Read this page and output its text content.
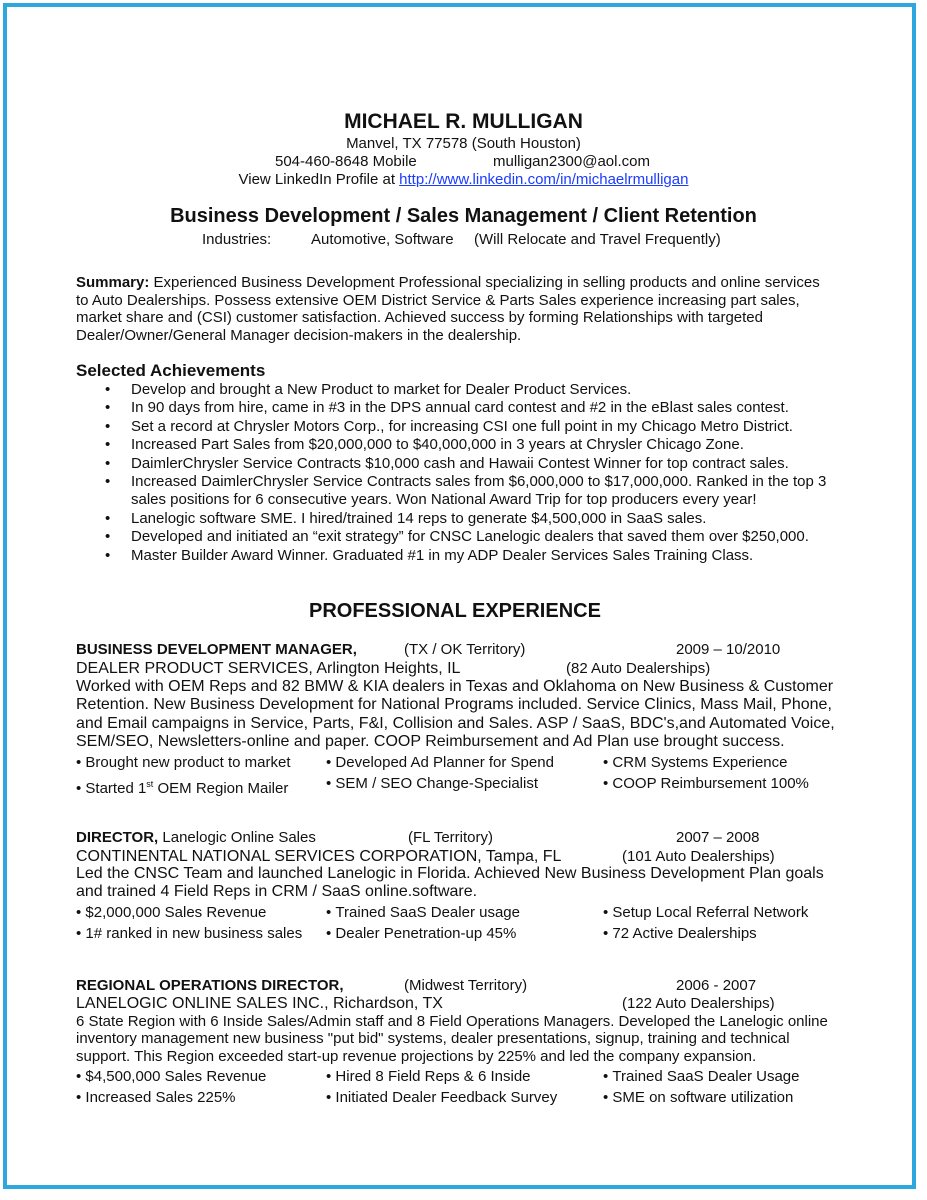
MICHAEL R. MULLIGAN
Manvel, TX 77578 (South Houston)
504-460-8648 Mobile	mulligan2300@aol.com
View LinkedIn Profile at http://www.linkedin.com/in/michaelrmulligan
Business Development / Sales Management / Client Retention
Industries:	Automotive, Software (Will Relocate and Travel Frequently)
Summary: Experienced Business Development Professional specializing in selling products and online services
to Auto Dealerships. Possess extensive OEM District Service & Parts Sales experience increasing part sales,
market share and (CSI) customer satisfaction. Achieved success by forming Relationships with targeted
Dealer/Owner/General Manager decision-makers in the dealership.
Selected Achievements
• Develop and brought a New Product to market for Dealer Product Services.
• In 90 days from hire, came in #3 in the DPS annual card contest and #2 in the eBlast sales contest.
• Set a record at Chrysler Motors Corp., for increasing CSI one full point in my Chicago Metro District.
• Increased Part Sales from $20,000,000 to $40,000,000 in 3 years at Chrysler Chicago Zone.
• DaimlerChrysler Service Contracts $10,000 cash and Hawaii Contest Winner for top contract sales.
• Increased DaimlerChrysler Service Contracts sales from $6,000,000 to $17,000,000. Ranked in the top 3
sales positions for 6 consecutive years. Won National Award Trip for top producers every year!
• Lanelogic software SME. I hired/trained 14 reps to generate $4,500,000 in SaaS sales.
• Developed and initiated an “exit strategy” for CNSC Lanelogic dealers that saved them over $250,000.
• Master Builder Award Winner. Graduated #1 in my ADP Dealer Services Sales Training Class.
PROFESSIONAL EXPERIENCE
BUSINESS DEVELOPMENT MANAGER,	(TX / OK Territory)	2009 – 10/2010
DEALER PRODUCT SERVICES, Arlington Heights, IL	(82 Auto Dealerships)
Worked with OEM Reps and 82 BMW & KIA dealers in Texas and Oklahoma on New Business & Customer
Retention. New Business Development for National Programs included. Service Clinics, Mass Mail, Phone,
and Email campaigns in Service, Parts, F&I, Collision and Sales. ASP / SaaS, BDC's,and Automated Voice,
SEM/SEO, Newsletters-online and paper. COOP Reimbursement and Ad Plan use brought success.
• Brought new product to market	• Developed Ad Planner for Spend	• CRM Systems Experience
• Started 1st OEM Region Mailer	• SEM / SEO Change-Specialist	• COOP Reimbursement 100%
DIRECTOR, Lanelogic Online Sales	(FL Territory)	2007 – 2008
CONTINENTAL NATIONAL SERVICES CORPORATION, Tampa, FL	(101 Auto Dealerships)
Led the CNSC Team and launched Lanelogic in Florida. Achieved New Business Development Plan goals
and trained 4 Field Reps in CRM / SaaS online.software.
• $2,000,000 Sales Revenue	• Trained SaaS Dealer usage	• Setup Local Referral Network
• 1# ranked in new business sales	• Dealer Penetration-up 45%	• 72 Active Dealerships
REGIONAL OPERATIONS DIRECTOR,	(Midwest Territory)	2006 - 2007
LANELOGIC ONLINE SALES INC., Richardson, TX	(122 Auto Dealerships)
6 State Region with 6 Inside Sales/Admin staff and 8 Field Operations Managers. Developed the Lanelogic online
inventory management new business "put bid" systems, dealer presentations, signup, training and technical
support. This Region exceeded start-up revenue projections by 225% and led the company expansion.
• $4,500,000 Sales Revenue	• Hired 8 Field Reps & 6 Inside	• Trained SaaS Dealer Usage
• Increased Sales 225%	• Initiated Dealer Feedback Survey	• SME on software utilization
